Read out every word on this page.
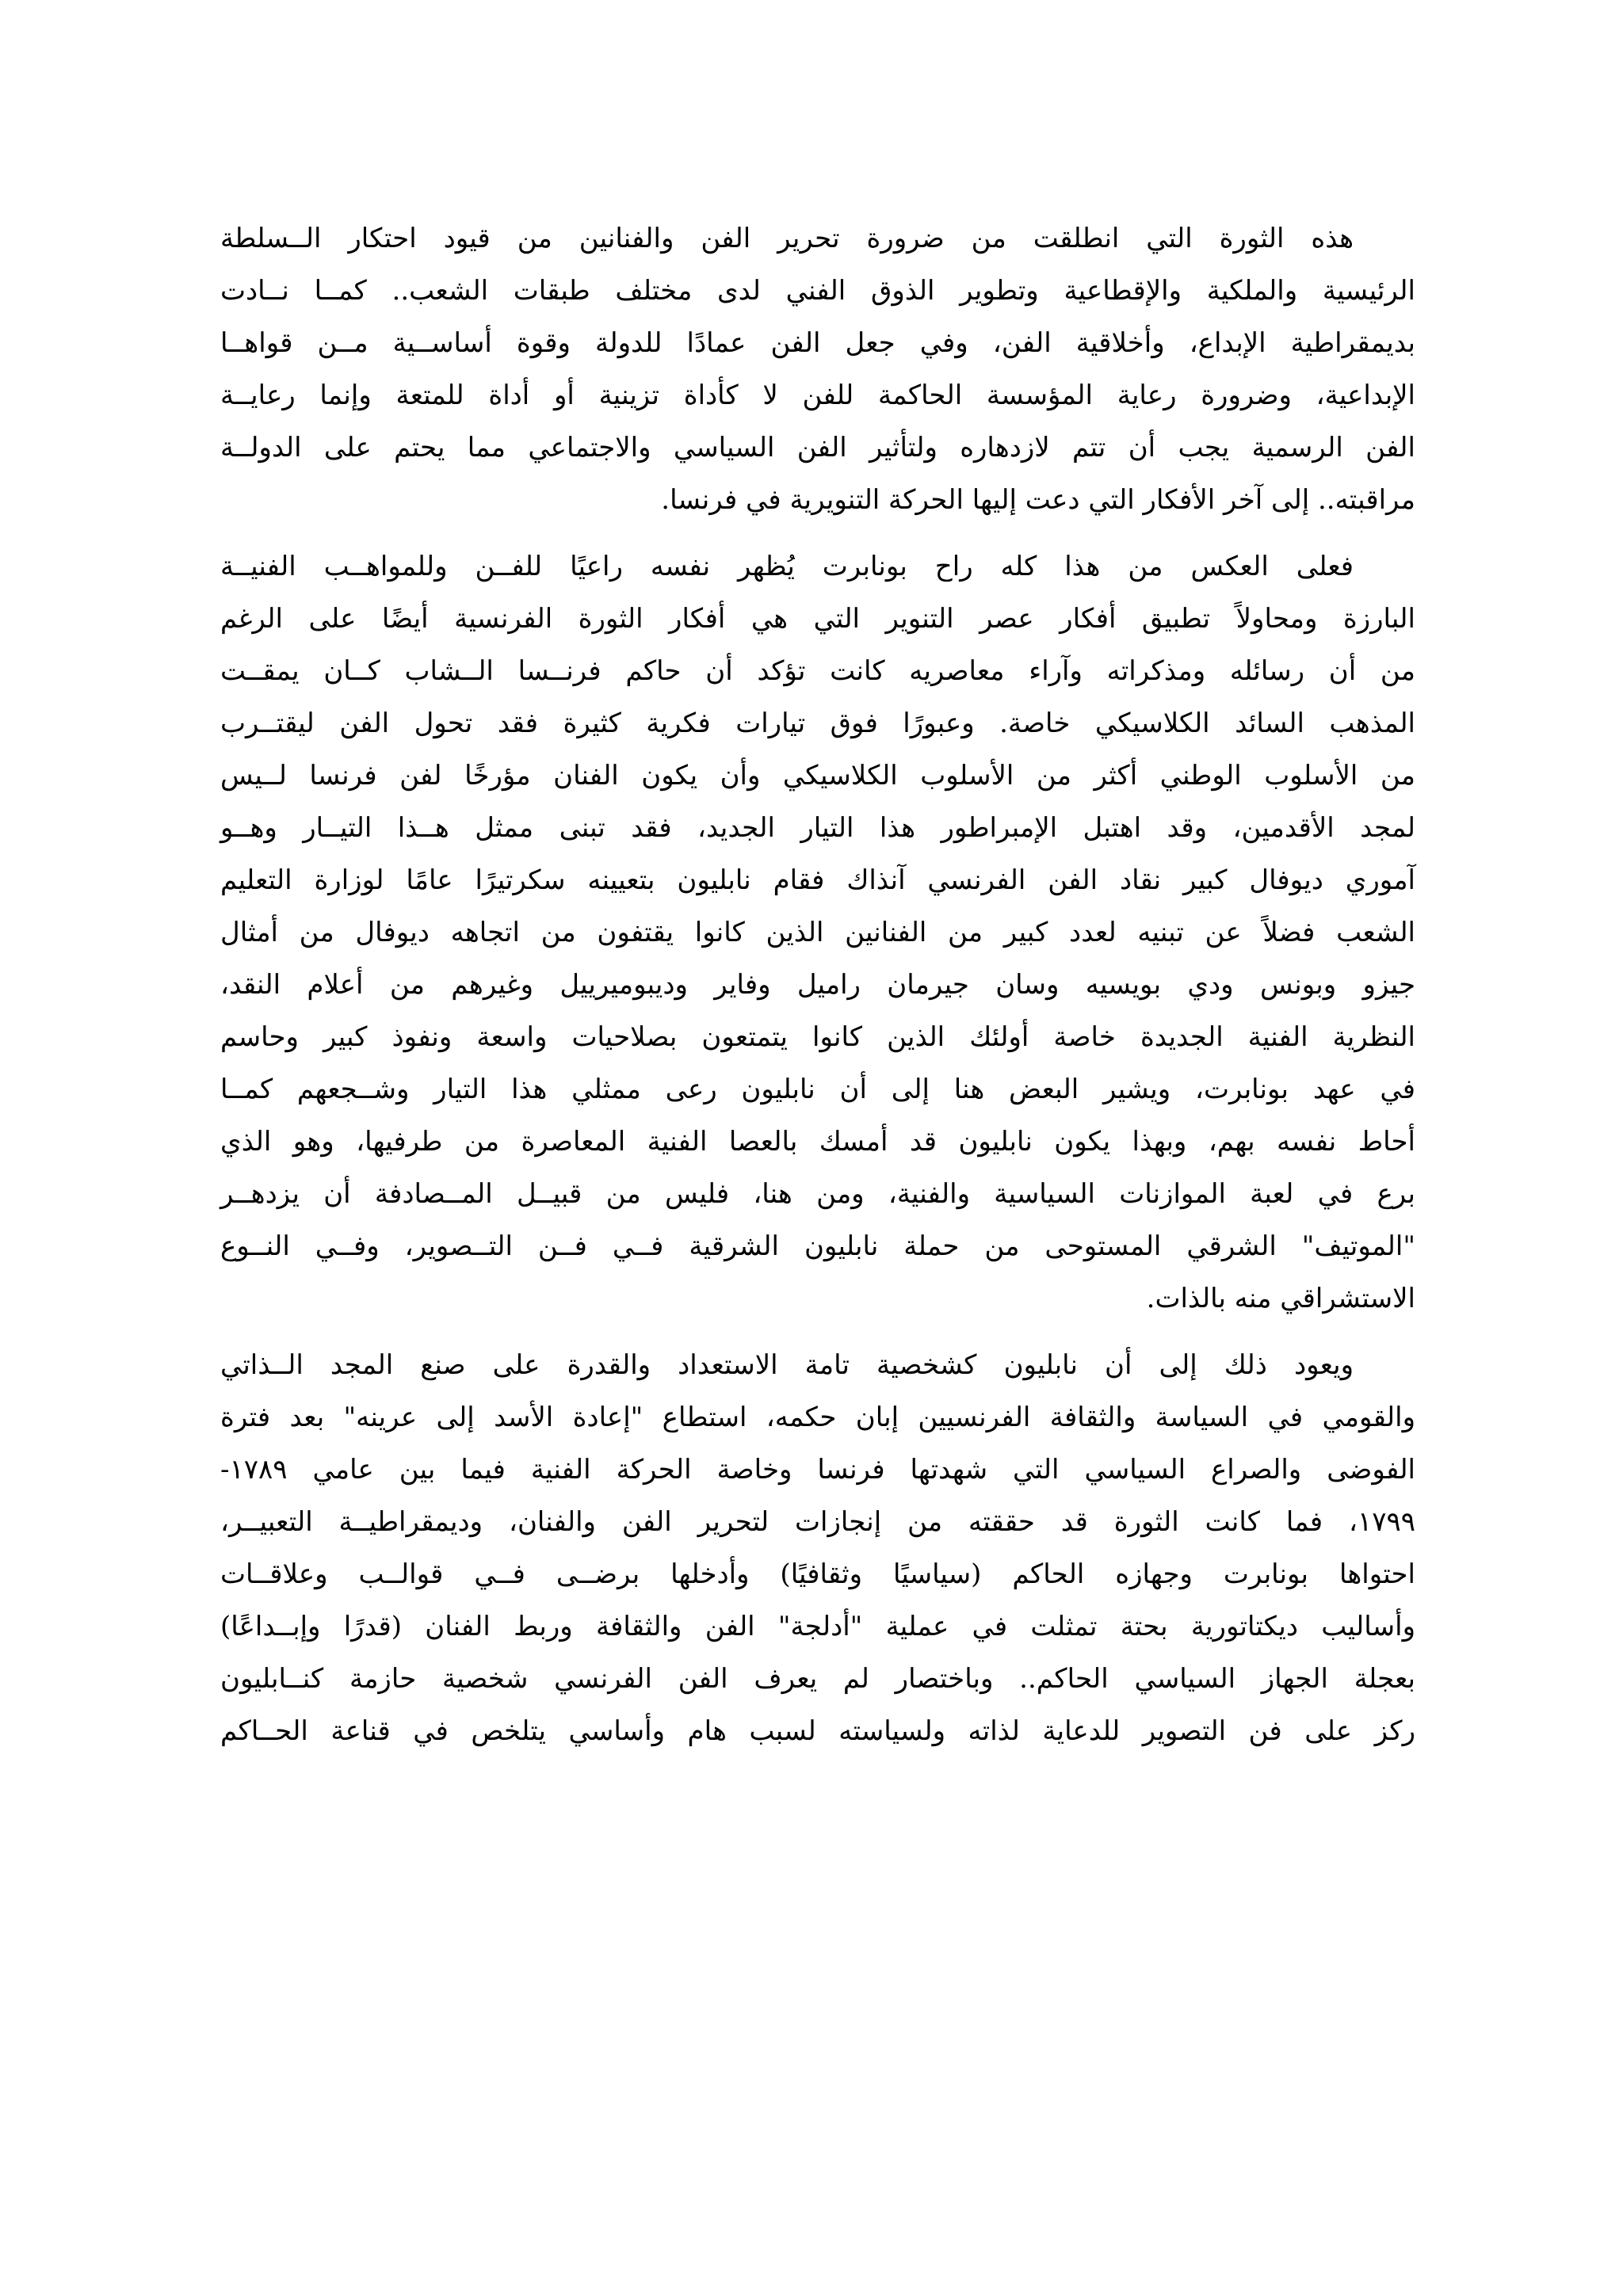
هذه الثورة التي انطلقت من ضرورة تحرير الفن والفنانين من قيود احتكار الــسلطة
الرئيسية والملكية والإقطاعية وتطوير الذوق الفني لدى مختلف طبقات الشعب.. كمــا نــادت
بديمقراطية الإبداع، وأخلاقية الفن، وفي جعل الفن عمادًا للدولة وقوة أساســية مــن قواهــا
الإبداعية، وضرورة رعاية المؤسسة الحاكمة للفن لا كأداة تزينية أو أداة للمتعة وإنما رعايــة
الفن الرسمية يجب أن تتم لازدهاره ولتأثير الفن السياسي والاجتماعي مما يحتم على الدولــة
مراقبته.. إلى آخر الأفكار التي دعت إليها الحركة التنويرية في فرنسا.
فعلى العكس من هذا كله راح بونابرت يُظهر نفسه راعيًا للفــن وللمواهــب الفنيــة
البارزة ومحاولاً تطبيق أفكار عصر التنوير التي هي أفكار الثورة الفرنسية أيضًا على الرغم
من أن رسائله ومذكراته وآراء معاصريه كانت تؤكد أن حاكم فرنــسا الــشاب كــان يمقــت
المذهب السائد الكلاسيكي خاصة. وعبورًا فوق تيارات فكرية كثيرة فقد تحول الفن ليقتــرب
من الأسلوب الوطني أكثر من الأسلوب الكلاسيكي وأن يكون الفنان مؤرخًا لفن فرنسا لــيس
لمجد الأقدمين، وقد اهتبل الإمبراطور هذا التيار الجديد، فقد تبنى ممثل هــذا التيــار وهــو
آموري ديوفال كبير نقاد الفن الفرنسي آنذاك فقام نابليون بتعيينه سكرتيرًا عامًا لوزارة التعليم
الشعب فضلاً عن تبنيه لعدد كبير من الفنانين الذين كانوا يقتفون من اتجاهه ديوفال من أمثال
جيزو وبونس ودي بويسيه وسان جيرمان راميل وفاير وديبوميرييل وغيرهم من أعلام النقد،
النظرية الفنية الجديدة خاصة أولئك الذين كانوا يتمتعون بصلاحيات واسعة ونفوذ كبير وحاسم
في عهد بونابرت، ويشير البعض هنا إلى أن نابليون رعى ممثلي هذا التيار وشــجعهم كمــا
أحاط نفسه بهم، وبهذا يكون نابليون قد أمسك بالعصا الفنية المعاصرة من طرفيها، وهو الذي
برع في لعبة الموازنات السياسية والفنية، ومن هنا، فليس من قبيــل المــصادفة أن يزدهــر
"الموتيف" الشرقي المستوحى من حملة نابليون الشرقية فــي فــن التــصوير، وفــي النــوع
الاستشراقي منه بالذات.
ويعود ذلك إلى أن نابليون كشخصية تامة الاستعداد والقدرة على صنع المجد الــذاتي
والقومي في السياسة والثقافة الفرنسيين إبان حكمه، استطاع "إعادة الأسد إلى عرينه" بعد فترة
الفوضى والصراع السياسي التي شهدتها فرنسا وخاصة الحركة الفنية فيما بين عامي ١٧٨٩-
١٧٩٩، فما كانت الثورة قد حققته من إنجازات لتحرير الفن والفنان، وديمقراطيــة التعبيــر،
احتواها بونابرت وجهازه الحاكم (سياسيًا وثقافيًا) وأدخلها برضــى فــي قوالــب وعلاقــات
وأساليب ديكتاتورية بحتة تمثلت في عملية "أدلجة" الفن والثقافة وربط الفنان (قدرًا وإبــداعًا)
بعجلة الجهاز السياسي الحاكم.. وباختصار لم يعرف الفن الفرنسي شخصية حازمة كنــابليون
ركز على فن التصوير للدعاية لذاته ولسياسته لسبب هام وأساسي يتلخص في قناعة الحــاكم
